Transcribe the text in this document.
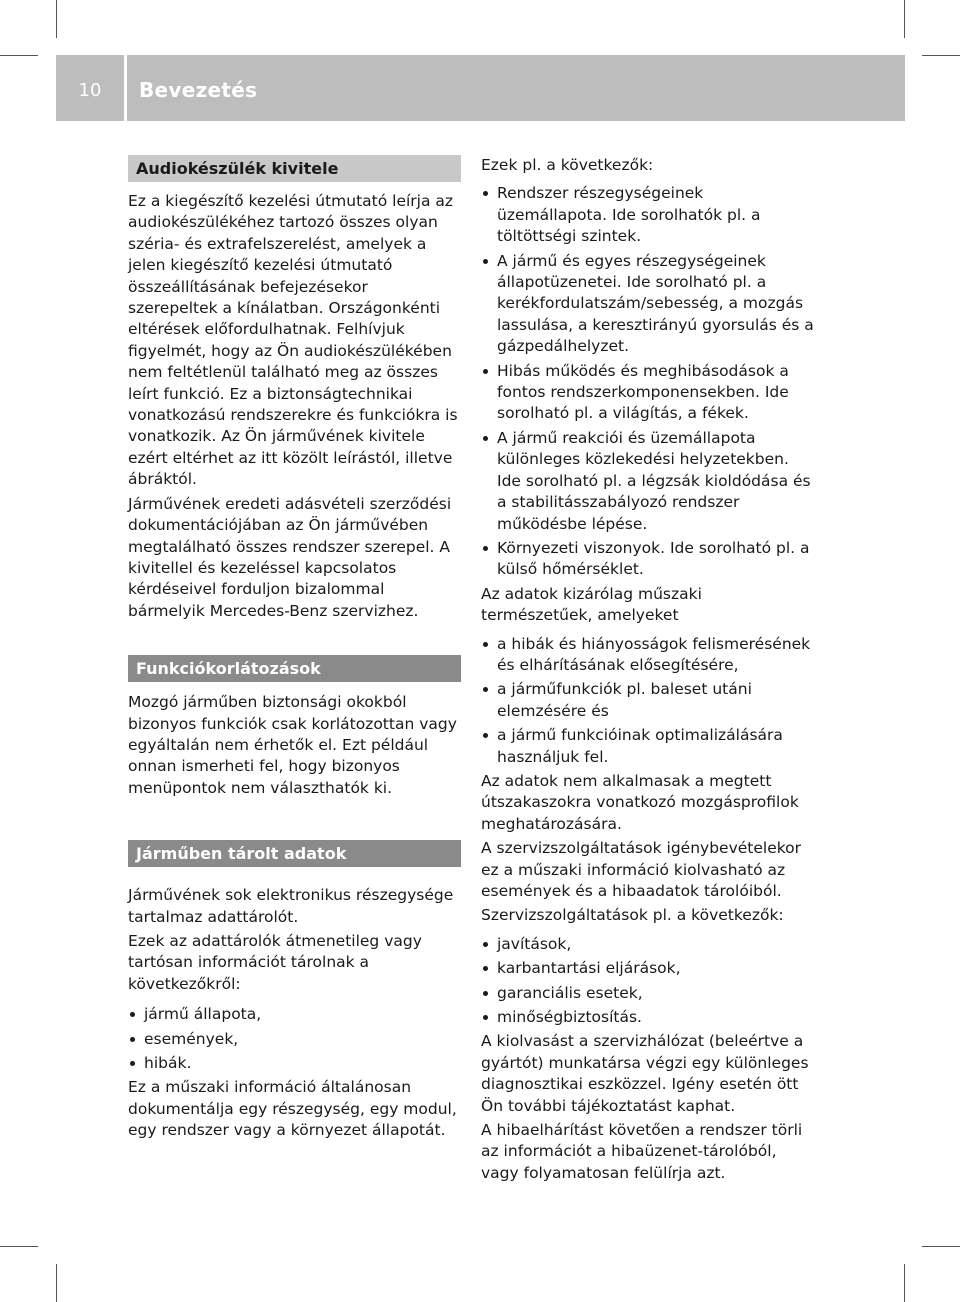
10	Bevezetés
Audiokészülék kivitele

Ez a kiegészítő kezelési útmutató leírja az audiokészülékéhez tartozó összes olyan széria- és extrafelszerelést, amelyek a jelen kiegészítő kezelési útmutató összeállításának befejezésekor szerepeltek a kínálatban. Országonkénti eltérések előfordulhatnak. Felhívjuk figyelmét, hogy az Ön audiokészülékében nem feltétlenül található meg az összes leírt funkció. Ez a biztonságtechnikai vonatkozású rendszerekre és funkciókra is vonatkozik. Az Ön járművének kivitele ezért eltérhet az itt közölt leírástól, illetve ábráktól.

Járművének eredeti adásvételi szerződési dokumentációjában az Ön járművében megtalálható összes rendszer szerepel. A kivitellel és kezeléssel kapcsolatos kérdéseivel forduljon bizalommal bármelyik Mercedes-Benz szervizhez.

Funkciókorlátozások

Mozgó járműben biztonsági okokból bizonyos funkciók csak korlátozottan vagy egyáltalán nem érhetők el. Ezt például onnan ismerheti fel, hogy bizonyos menüpontok nem választhatók ki.

Járműben tárolt adatok

Járművének sok elektronikus részegysége tartalmaz adattárolót.

Ezek az adattárolók átmenetileg vagy tartósan információt tárolnak a következőkről:

jármű állapota,
események,
hibák.

Ez a műszaki információ általánosan dokumentálja egy részegység, egy modul, egy rendszer vagy a környezet állapotát.

Ezek pl. a következők:

Rendszer részegységeinek üzemállapota. Ide sorolhatók pl. a töltöttségi szintek.
A jármű és egyes részegységeinek állapotüzenetei. Ide sorolható pl. a kerékfordulatszám/sebesség, a mozgás lassulása, a keresztirányú gyorsulás és a gázpedálhelyzet.
Hibás működés és meghibásodások a fontos rendszerkomponensekben. Ide sorolható pl. a világítás, a fékek.
A jármű reakciói és üzemállapota különleges közlekedési helyzetekben. Ide sorolható pl. a légzsák kioldódása és a stabilitásszabályozó rendszer működésbe lépése.
Környezeti viszonyok. Ide sorolható pl. a külső hőmérséklet.

Az adatok kizárólag műszaki természetűek, amelyeket

a hibák és hiányosságok felismerésének és elhárításának elősegítésére,
a járműfunkciók pl. baleset utáni elemzésére és
a jármű funkcióinak optimalizálására használjuk fel.

Az adatok nem alkalmasak a megtett útszakaszokra vonatkozó mozgásprofilok meghatározására.

A szervizszolgáltatások igénybevételekor ez a műszaki információ kiolvasható az események és a hibaadatok tárolóiból.

Szervizszolgáltatások pl. a következők:

javítások,
karbantartási eljárások,
garanciális esetek,
minőségbiztosítás.

A kiolvasást a szervizhálózat (beleértve a gyártót) munkatársa végzi egy különleges diagnosztikai eszközzel. Igény esetén ött Ön további tájékoztatást kaphat.

A hibaelhárítást követően a rendszer törli az információt a hibaüzenet-tárolóból, vagy folyamatosan felülírja azt.
